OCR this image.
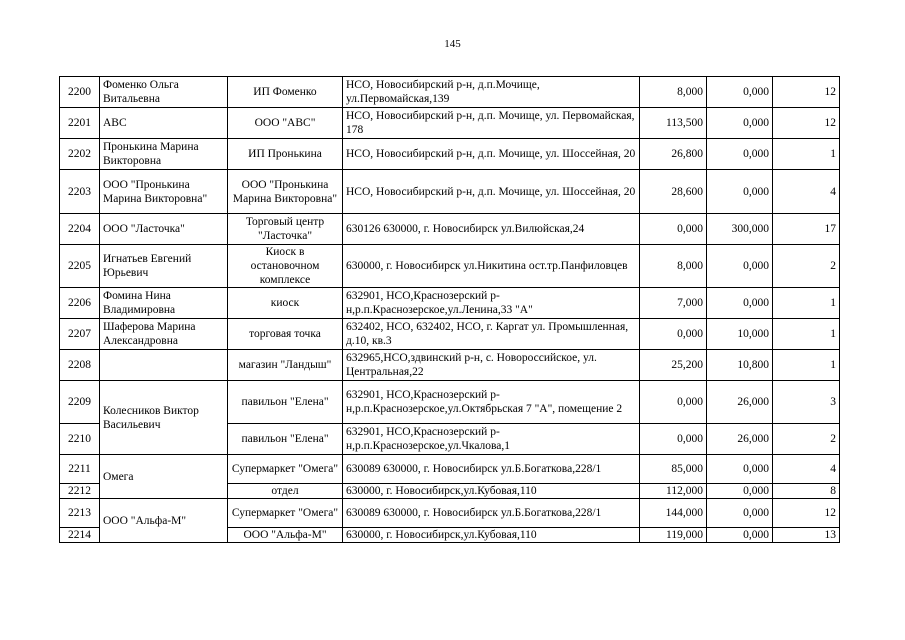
145
2200	Фоменко Ольга Витальевна	ИП Фоменко	НСО, Новосибирский р-н, д.п.Мочище, ул.Первомайская,139	8,000	0,000	12
2201	АВС	ООО "АВС"	НСО, Новосибирский р-н, д.п. Мочище, ул. Первомайская, 178	113,500	0,000	12
2202	Пронькина Марина Викторовна	ИП Пронькина	НСО, Новосибирский р-н, д.п. Мочище, ул. Шоссейная, 20	26,800	0,000	1
2203	ООО "Пронькина Марина Викторовна"	ООО "Пронькина Марина Викторовна"	НСО, Новосибирский р-н, д.п. Мочище, ул. Шоссейная, 20	28,600	0,000	4
2204	ООО "Ласточка"	Торговый центр "Ласточка"	630126 630000, г. Новосибирск ул.Вилюйская,24	0,000	300,000	17
2205	Игнатьев Евгений Юрьевич	Киоск в остановочном комплексе	630000, г. Новосибирск ул.Никитина ост.тр.Панфиловцев	8,000	0,000	2
2206	Фомина Нина Владимировна	киоск	632901, НСО,Краснозерский р-н,р.п.Краснозерское,ул.Ленина,33 "А"	7,000	0,000	1
2207	Шаферова Марина Александровна	торговая точка	632402, НСО, 632402, НСО, г. Каргат ул. Промышленная, д.10, кв.3	0,000	10,000	1
2208		магазин "Ландыш"	632965,НСО,здвинский р-н, с. Новороссийское, ул. Центральная,22	25,200	10,800	1
2209	Колесников Виктор Васильевич	павильон "Елена"	632901, НСО,Краснозерский р-н,р.п.Краснозерское,ул.Октябрьская 7 "А", помещение 2	0,000	26,000	3
2210		павильон "Елена"	632901, НСО,Краснозерский р-н,р.п.Краснозерское,ул.Чкалова,1	0,000	26,000	2
2211	Омега	Супермаркет "Омега"	630089 630000, г. Новосибирск ул.Б.Богаткова,228/1	85,000	0,000	4
2212		отдел	630000, г. Новосибирск,ул.Кубовая,110	112,000	0,000	8
2213	ООО "Альфа-М"	Супермаркет "Омега"	630089 630000, г. Новосибирск ул.Б.Богаткова,228/1	144,000	0,000	12
2214		ООО "Альфа-М"	630000, г. Новосибирск,ул.Кубовая,110	119,000	0,000	13
